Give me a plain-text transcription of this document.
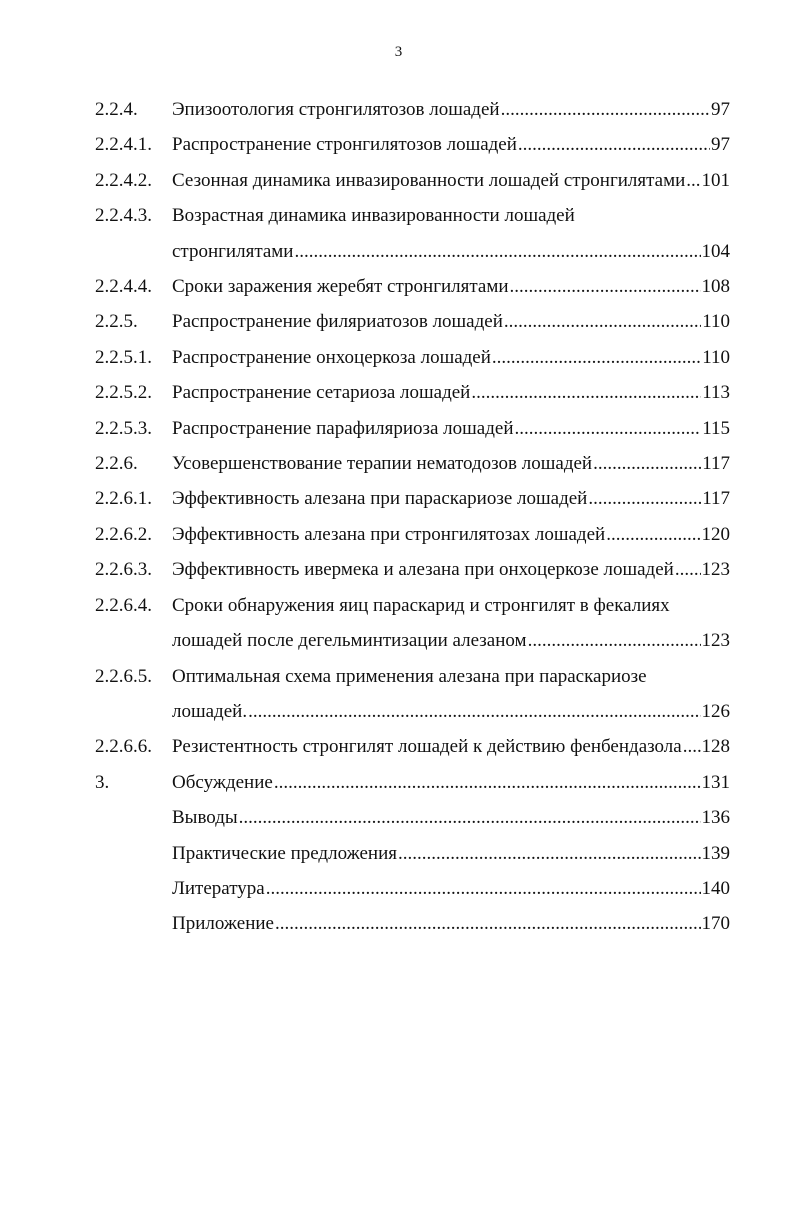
3
2.2.4.	Эпизоотология стронгилятозов лошадей .....	97
2.2.4.1.	Распространение стронгилятозов лошадей .....	97
2.2.4.2.	Сезонная динамика инвазированности лошадей стронгилятами ..... 101
2.2.4.3.	Возрастная динамика инвазированности лошадей
стронгилятами .....	104
2.2.4.4.	Сроки заражения жеребят стронгилятами .....	108
2.2.5.	Распространение филяриатозов лошадей .....	110
2.2.5.1.	Распространение онхоцеркоза лошадей .....	110
2.2.5.2.	Распространение сетариоза лошадей .....	113
2.2.5.3.	Распространение парафиляриоза лошадей .....	115
2.2.6.	Усовершенствование терапии нематодозов лошадей .....	117
2.2.6.1.	Эффективность алезана при параскариозе лошадей .....	117
2.2.6.2.	Эффективность алезана при стронгилятозах лошадей .....	120
2.2.6.3.	Эффективность ивермека и алезана при онхоцеркозе лошадей ..... 123
2.2.6.4.	Сроки обнаружения яиц параскарид и стронгилят в фекалиях
лошадей после дегельминтизации алезаном .....	123
2.2.6.5.	Оптимальная схема применения алезана при параскариозе
лошадей. .....	126
2.2.6.6.	Резистентность стронгилят лошадей к действию фенбендазола ..... 128
3.	Обсуждение .....	131
Выводы .....	136
Практические предложения .....	139
Литература .....	140
Приложение .....	170
